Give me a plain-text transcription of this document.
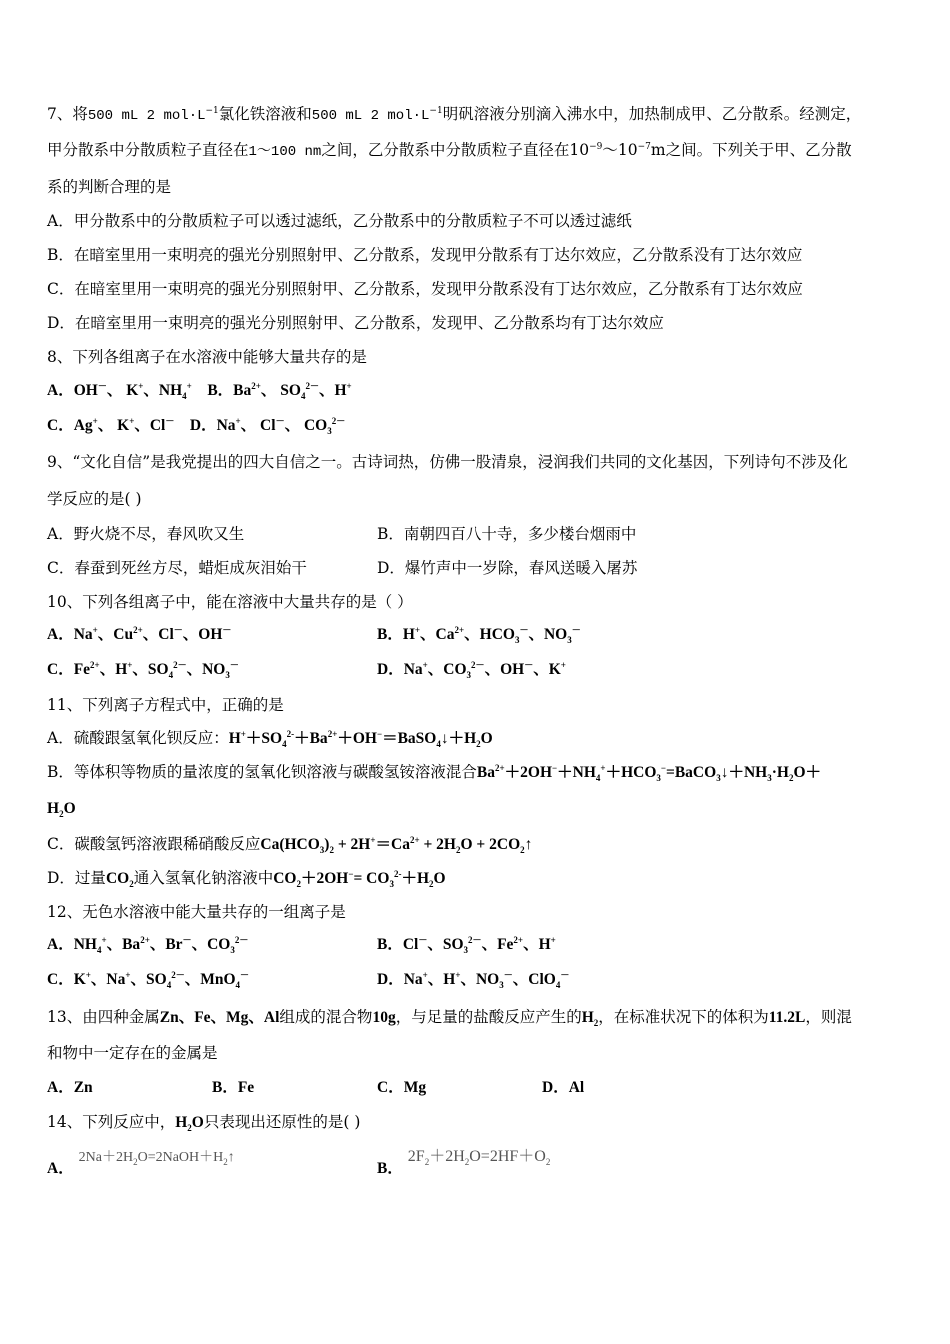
7、将500 mL 2 $mol\cdot L^{-1}$氯化铁溶液和500 mL 2 $mol\cdot L^{-1}$明矾溶液分别滴入沸水中，加热制成甲、乙分散系。经测定，
甲分散系中分散质粒子直径在1～100 nm之间，乙分散系中分散质粒子直径在$10^{-9}\sim 10^{-7}m$之间。下列关于甲、乙分散
系的判断合理的是
A．甲分散系中的分散质粒子可以透过滤纸，乙分散系中的分散质粒子不可以透过滤纸
B．在暗室里用一束明亮的强光分别照射甲、乙分散系，发现甲分散系有丁达尔效应，乙分散系没有丁达尔效应
C．在暗室里用一束明亮的强光分别照射甲、乙分散系，发现甲分散系没有丁达尔效应，乙分散系有丁达尔效应
D．在暗室里用一束明亮的强光分别照射甲、乙分散系，发现甲、乙分散系均有丁达尔效应
8、下列各组离子在水溶液中能够大量共存的是
A．OH－、 K+、$NH_4^+$    B．$Ba^{2+}$、 $SO_4^{2-}$、H+
C．Ag+、 K+、Cl－    D．Na+、 Cl－、 $CO_3^{2-}$
9、“文化自信”是我党提出的四大自信之一。古诗词热，仿佛一股清泉，浸润我们共同的文化基因，下列诗句不涉及化
学反应的是( )
A．野火烧不尽，春风吹又生	B．南朝四百八十寺，多少楼台烟雨中
C．春蚕到死丝方尽，蜡炬成灰泪始干	D．爆竹声中一岁除，春风送暖入屠苏
10、下列各组离子中，能在溶液中大量共存的是（ ）
A．Na+、$Cu^{2+}$、Cl－、OH－	B．H+、$Ca^{2+}$、$HCO_3^-$、$NO_3^-$
C．$Fe^{2+}$、H+、$SO_4^{2-}$、$NO_3^-$	D．Na+、$CO_3^{2-}$、OH－、K+
11、下列离子方程式中，正确的是
A．硫酸跟氢氧化钡反应：$H^++SO_4^{2-}+Ba^{2+}+OH^-=BaSO_4↓+H_2O$
B．等体积等物质的量浓度的氢氧化钡溶液与碳酸氢铵溶液混合$Ba^{2+}+2OH^-+NH_4^++HCO_3^-=BaCO_3↓+NH_3\cdot H_2O+$
$H_2O$
C．碳酸氢钙溶液跟稀硝酸反应$Ca(HCO_3)_2 + 2H^+=Ca^{2+} + 2H_2O$ + $2CO_2↑$
D．过量$CO_2$通入氢氧化钠溶液中$CO_2+2OH^-= CO_3^{2-}+H_2O$
12、无色水溶液中能大量共存的一组离子是
A．$NH_4^+$、$Ba^{2+}$、Br－、$CO_3^{2-}$	B．Cl－、$SO_3^{2-}$、$Fe^{2+}$、H+
C．K+、Na+、$SO_4^{2-}$、MnO$_4$－	D．Na+、H+、$NO_3^-$、ClO$_4$－
13、由四种金属Zn、Fe、Mg、Al组成的混合物10g，与足量的盐酸反应产生的$H_2$，在标准状况下的体积为11.2L，则混
和物中一定存在的金属是
A．Zn	B．Fe	C．Mg	D．Al
14、下列反应中，$H_2O$只表现出还原性的是( )
A． $2Na+2H_2O=2NaOH+H_2↑$
B． $2F_2+2H_2O=2HF+O_2$
